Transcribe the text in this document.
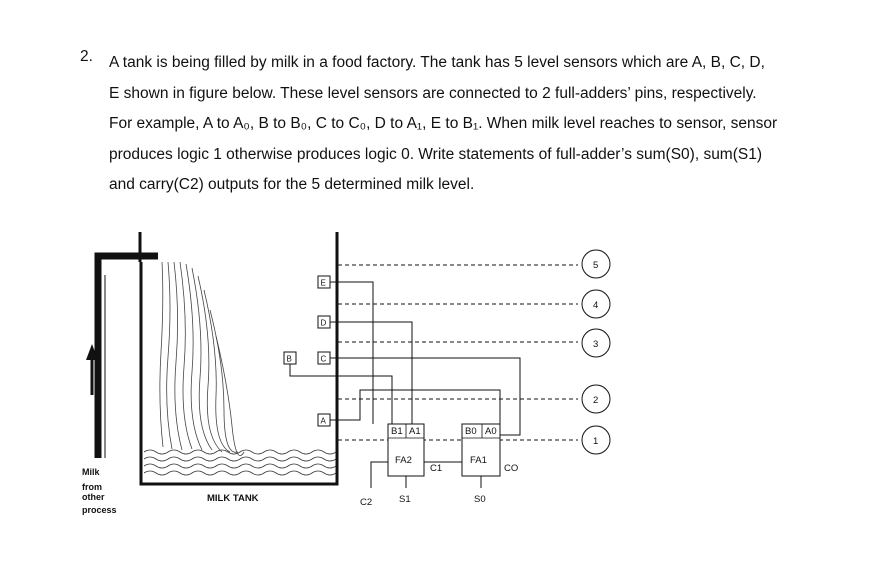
2. A tank is being filled by milk in a food factory. The tank has 5 level sensors which are A, B, C, D,
E shown in figure below. These level sensors are connected to 2 full-adders’ pins, respectively.
For example, A to A₀, B to B₀, C to C₀, D to A₁, E to B₁. When milk level reaches to sensor, sensor
produces logic 1 otherwise produces logic 0. Write statements of full-adder’s sum(S0), sum(S1)
and carry(C2) outputs for the 5 determined milk level.
Milk from other process
MILK TANK
E
D
B	C
A
B1 A1
FA2
S1
C2
C1
B0 A0
FA1
S0
CO
5
4
3
2
1
